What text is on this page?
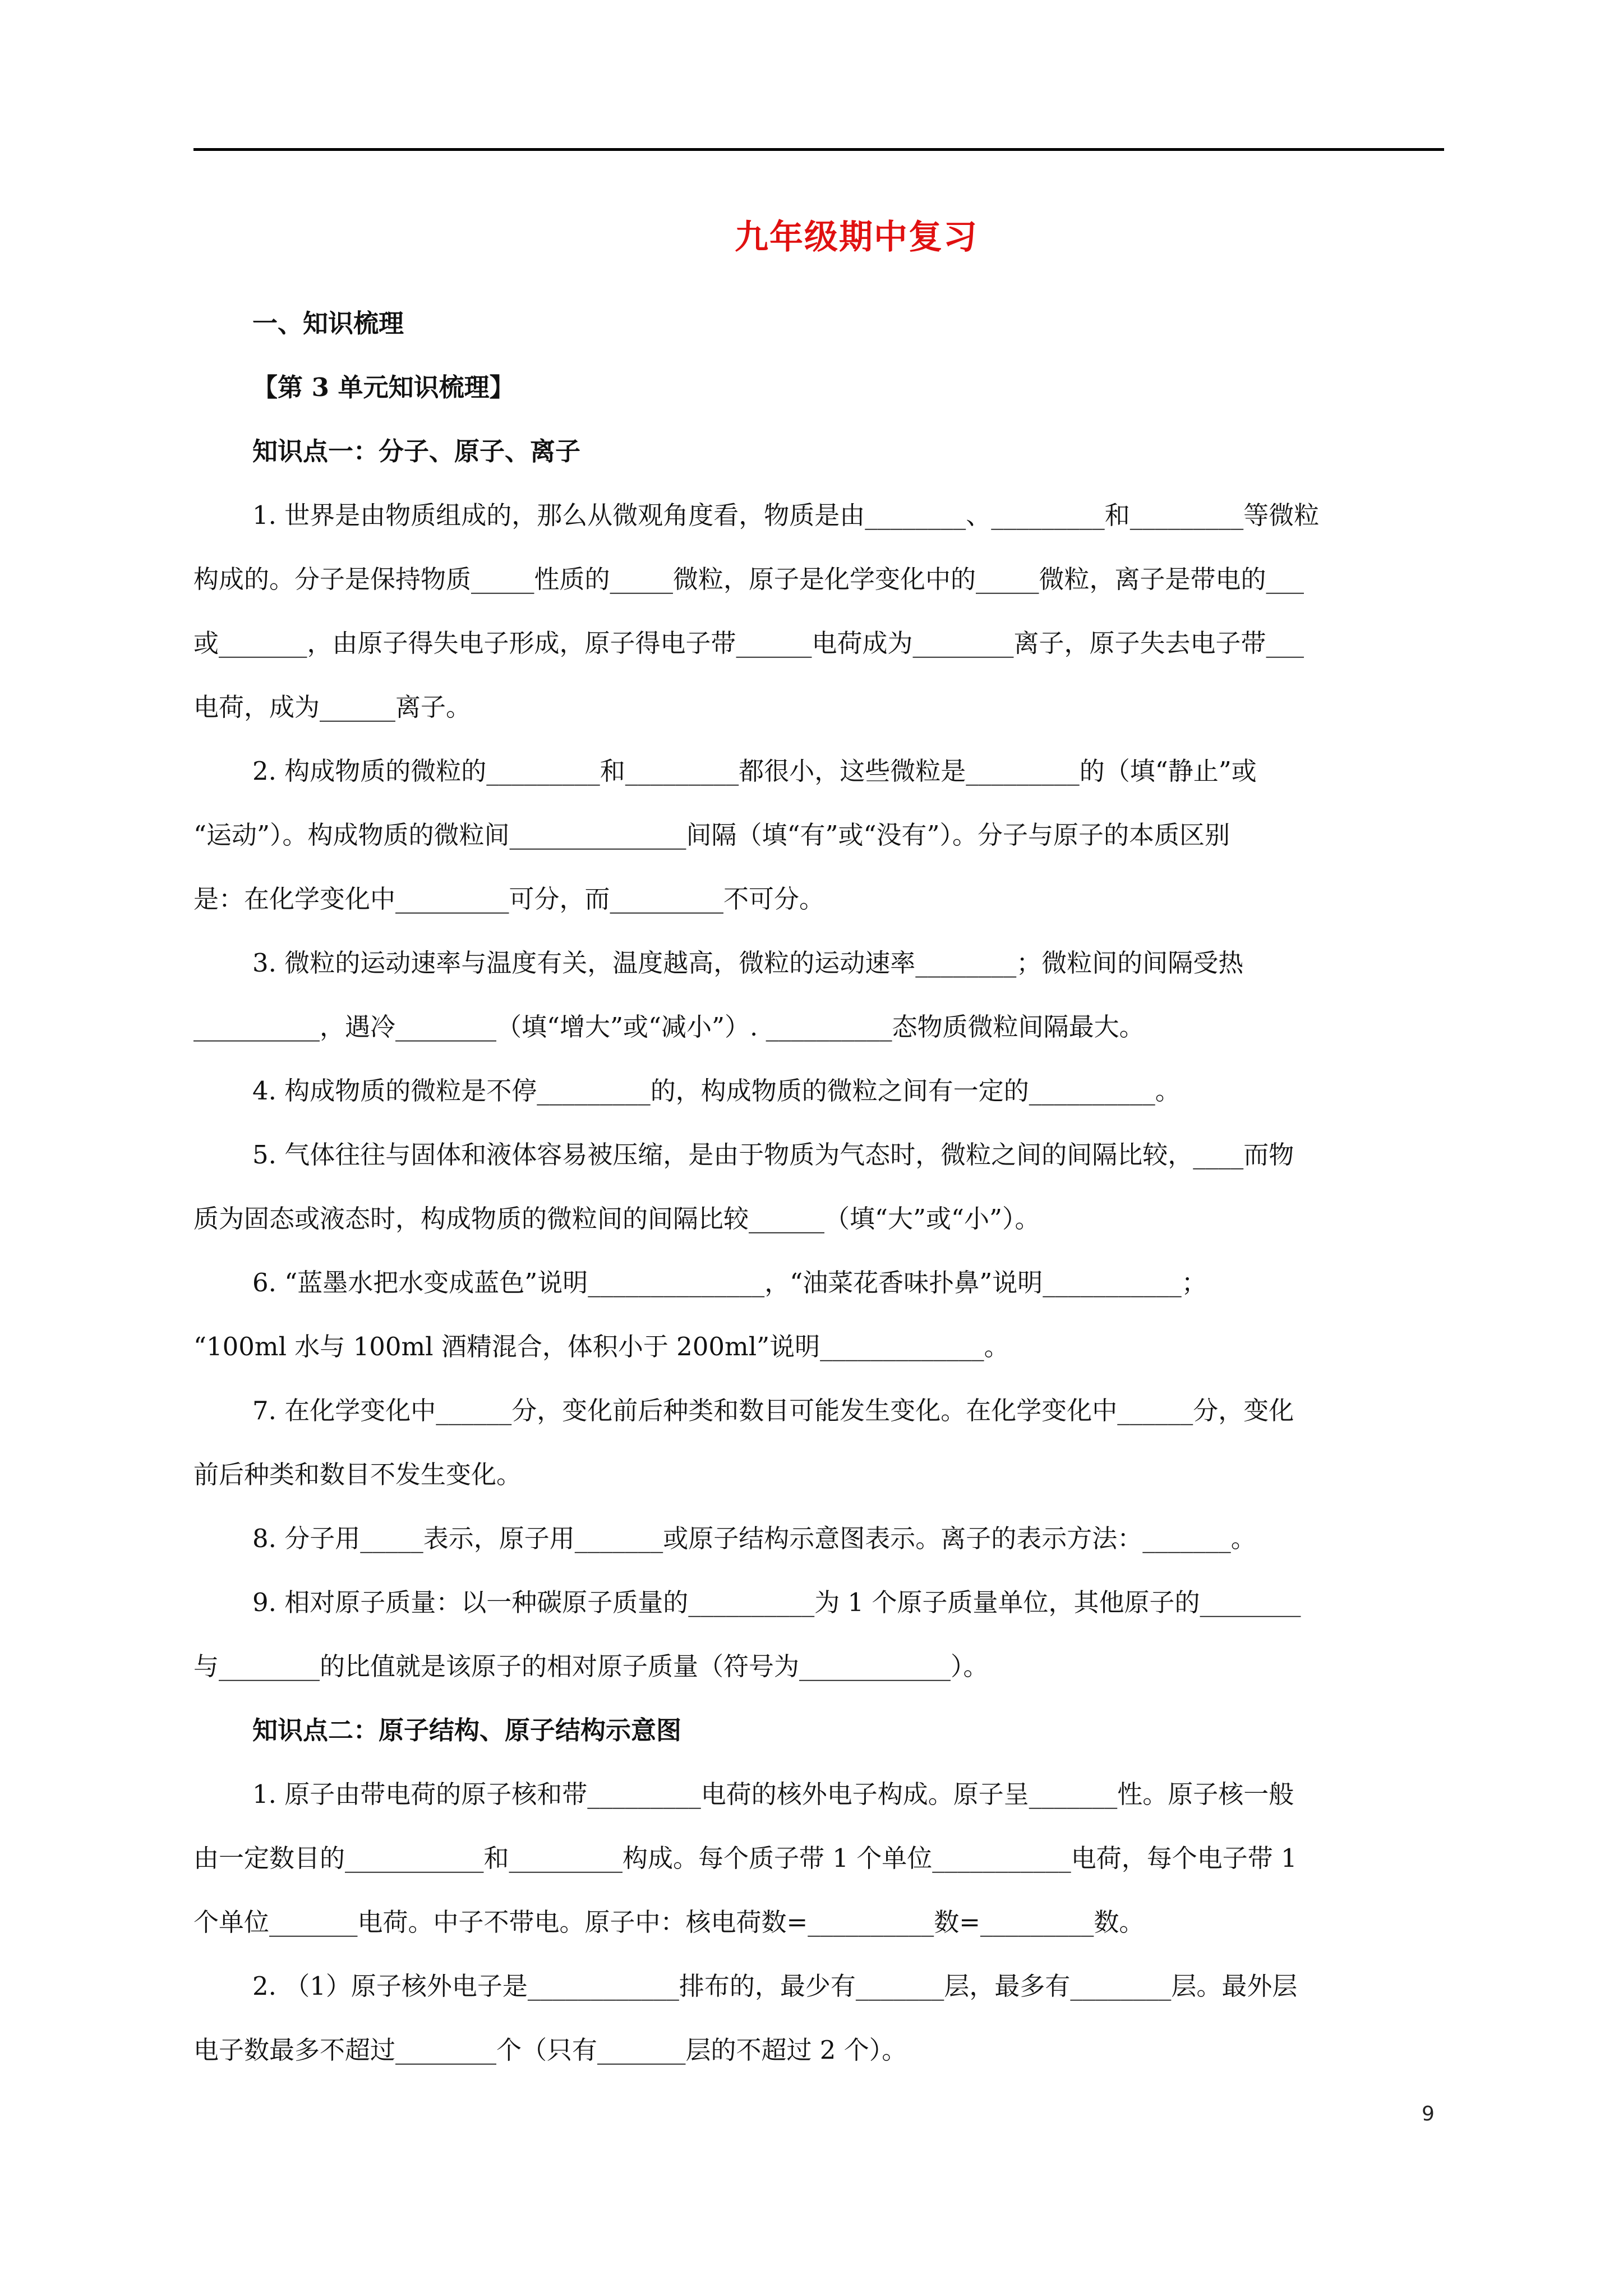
九年级期中复习
一、知识梳理
【第 3 单元知识梳理】
知识点一：分子、原子、离子
1. 世界是由物质组成的，那么从微观角度看，物质是由________、_________和_________等微粒
构成的。分子是保持物质_____性质的_____微粒，原子是化学变化中的_____微粒，离子是带电的___
或_______，由原子得失电子形成，原子得电子带______电荷成为________离子，原子失去电子带___
电荷，成为______离子。
2. 构成物质的微粒的_________和_________都很小，这些微粒是_________的（填“静止”或
“运动”）。构成物质的微粒间______________间隔（填“有”或“没有”）。分子与原子的本质区别
是：在化学变化中_________可分，而_________不可分。
3. 微粒的运动速率与温度有关，温度越高，微粒的运动速率________；微粒间的间隔受热
__________，遇冷________（填“增大”或“减小”）. __________态物质微粒间隔最大。
4. 构成物质的微粒是不停_________的，构成物质的微粒之间有一定的__________。
5. 气体往往与固体和液体容易被压缩，是由于物质为气态时，微粒之间的间隔比较，____而物
质为固态或液态时，构成物质的微粒间的间隔比较______（填“大”或“小”）。
6. “蓝墨水把水变成蓝色”说明______________，“油菜花香味扑鼻”说明___________；
“100ml 水与 100ml 酒精混合，体积小于 200ml”说明_____________。
7. 在化学变化中______分，变化前后种类和数目可能发生变化。在化学变化中______分，变化
前后种类和数目不发生变化。
8. 分子用_____表示，原子用_______或原子结构示意图表示。离子的表示方法：_______。
9. 相对原子质量：以一种碳原子质量的__________为 1 个原子质量单位，其他原子的________
与________的比值就是该原子的相对原子质量（符号为____________）。
知识点二：原子结构、原子结构示意图
1. 原子由带电荷的原子核和带_________电荷的核外电子构成。原子呈_______性。原子核一般
由一定数目的___________和_________构成。每个质子带 1 个单位___________电荷，每个电子带 1
个单位_______电荷。中子不带电。原子中：核电荷数=__________数=_________数。
2. （1）原子核外电子是____________排布的，最少有_______层，最多有________层。最外层
电子数最多不超过________个（只有_______层的不超过 2 个）。
9
